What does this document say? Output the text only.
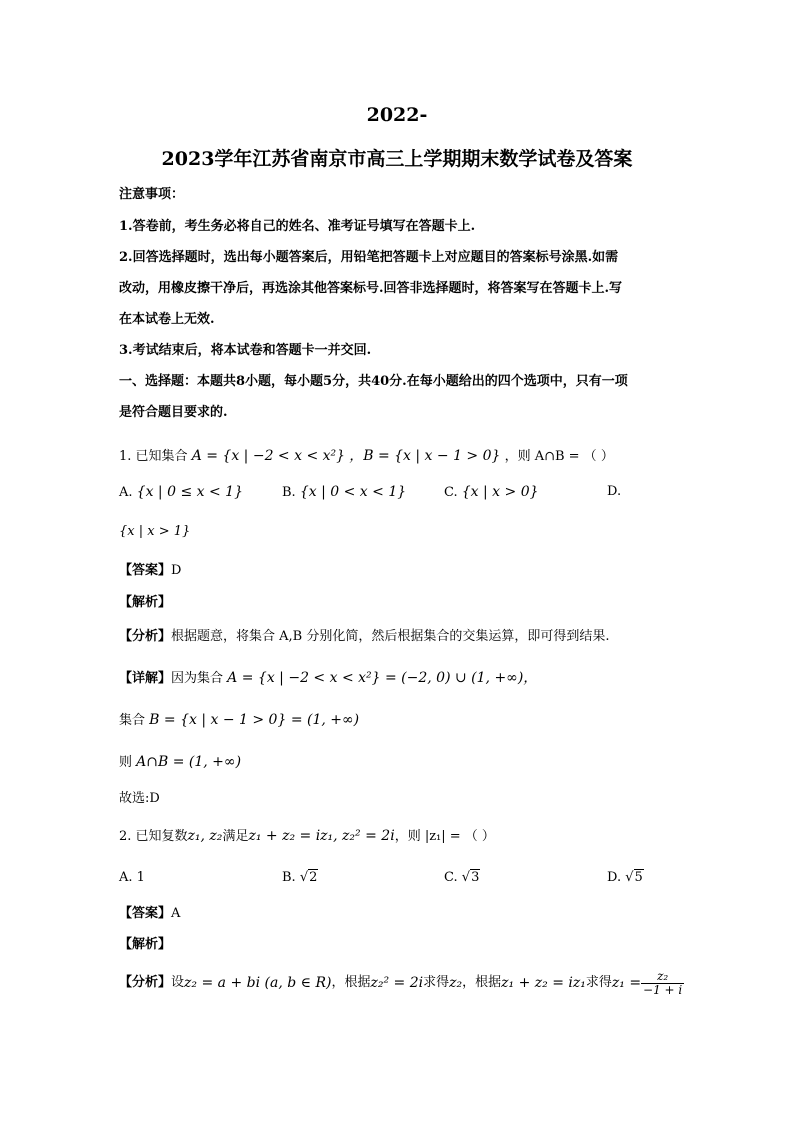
2022-
2023学年江苏省南京市高三上学期期末数学试卷及答案
注意事项：
1.答卷前，考生务必将自己的姓名、准考证号填写在答题卡上.
2.回答选择题时，选出每小题答案后，用铅笔把答题卡上对应题目的答案标号涂黑.如需
改动，用橡皮擦干净后，再选涂其他答案标号.回答非选择题时，将答案写在答题卡上.写
在本试卷上无效.
3.考试结束后，将本试卷和答题卡一并交回.
一、选择题：本题共8小题，每小题5分，共40分.在每小题给出的四个选项中，只有一项
是符合题目要求的.
1. 已知集合 A = {x | −2 < x < x²} ，B = {x | x − 1 > 0} ，则 A∩B = （ ）
A. {x | 0 ≤ x < 1}	B. {x | 0 < x < 1}	C. {x | x > 0}	D.
{x | x > 1}
【答案】D
【解析】
【分析】根据题意，将集合 A,B 分别化简，然后根据集合的交集运算，即可得到结果.
【详解】因为集合 A = {x | −2 < x < x²} = (−2, 0) ∪ (1, +∞)，
集合 B = {x | x − 1 > 0} = (1, +∞)
则 A∩B = (1, +∞)
故选:D
2. 已知复数z₁, z₂满足z₁ + z₂ = iz₁, z₂² = 2i，则 |z₁| = （ ）
A. 1	B. √2	C. √3	D. √5
【答案】A
【解析】
【分析】 设 z₂ = a + bi (a, b ∈ R) ，根据 z₂² = 2i 求得 z₂ ，根据 z₁ + z₂ = iz₁ 求得 $z_1 = \frac{\text{z₂}}{-1 + i}$
